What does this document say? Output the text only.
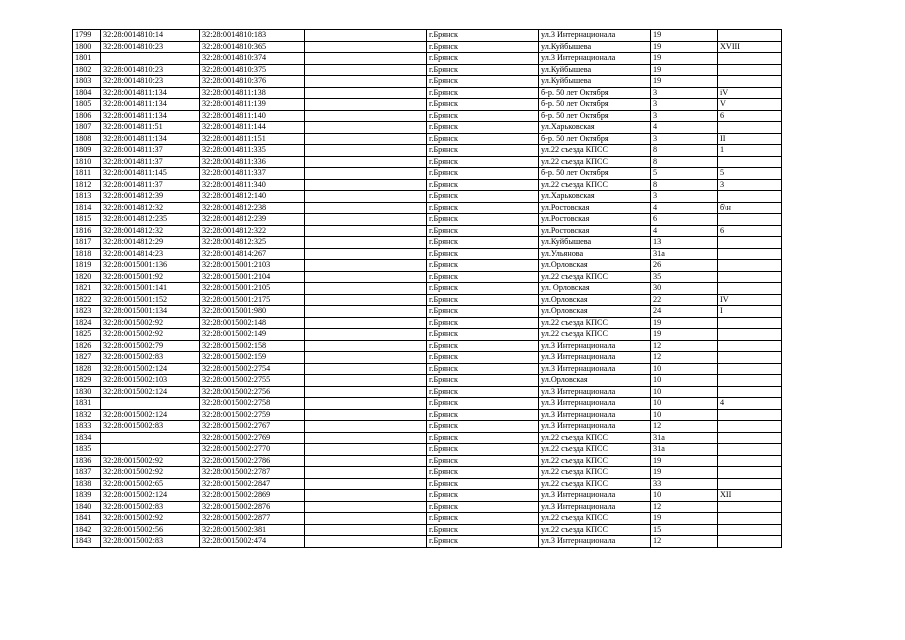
1799	32:28:0014810:14	32:28:0014810:183		г.Брянск	ул.3 Интернационала	19	
1800	32:28:0014810:23	32:28:0014810:365		г.Брянск	ул.Куйбышева	19	XVIII
1801		32:28:0014810:374		г.Брянск	ул.3 Интернационала	19	
1802	32:28:0014810:23	32:28:0014810:375		г.Брянск	ул.Куйбышева	19	
1803	32:28:0014810:23	32:28:0014810:376		г.Брянск	ул.Куйбышева	19	
1804	32:28:0014811:134	32:28:0014811:138		г.Брянск	б-р. 50 лет Октября	3	iV
1805	32:28:0014811:134	32:28:0014811:139		г.Брянск	б-р. 50 лет Октября	3	V
1806	32:28:0014811:134	32:28:0014811:140		г.Брянск	б-р. 50 лет Октября	3	6
1807	32:28:0014811:51	32:28:0014811:144		г.Брянск	ул.Харьковская	4	
1808	32:28:0014811:134	32:28:0014811:151		г.Брянск	б-р. 50 лет Октября	3	II
1809	32:28:0014811:37	32:28:0014811:335		г.Брянск	ул.22 съезда КПСС	8	1
1810	32:28:0014811:37	32:28:0014811:336		г.Брянск	ул.22 съезда КПСС	8	
1811	32:28:0014811:145	32:28:0014811:337		г.Брянск	б-р. 50 лет Октября	5	5
1812	32:28:0014811:37	32:28:0014811:340		г.Брянск	ул.22 съезда КПСС	8	3
1813	32:28:0014812:39	32:28:0014812:140		г.Брянск	ул.Харьковская	3	
1814	32:28:0014812:32	32:28:0014812:238		г.Брянск	ул.Ростовская	4	б\н
1815	32:28:0014812:235	32:28:0014812:239		г.Брянск	ул.Ростовская	6	
1816	32:28:0014812:32	32:28:0014812:322		г.Брянск	ул.Ростовская	4	6
1817	32:28:0014812:29	32:28:0014812:325		г.Брянск	ул.Куйбышева	13	
1818	32:28:0014814:23	32:28:0014814:267		г.Брянск	ул.Ульянова	31а	
1819	32:28:0015001:136	32:28:0015001:2103		г.Брянск	ул.Орловская	26	
1820	32:28:0015001:92	32:28:0015001:2104		г.Брянск	ул.22 съезда КПСС	35	
1821	32:28:0015001:141	32:28:0015001:2105		г.Брянск	ул. Орловская	30	
1822	32:28:0015001:152	32:28:0015001:2175		г.Брянск	ул.Орловская	22	IV
1823	32:28:0015001:134	32:28:0015001:980		г.Брянск	ул.Орловская	24	I
1824	32:28:0015002:92	32:28:0015002:148		г.Брянск	ул.22 съезда КПСС	19	
1825	32:28:0015002:92	32:28:0015002:149		г.Брянск	ул.22 съезда КПСС	19	
1826	32:28:0015002:79	32:28:0015002:158		г.Брянск	ул.3 Интернационала	12	
1827	32:28:0015002:83	32:28:0015002:159		г.Брянск	ул.3 Интернационала	12	
1828	32:28:0015002:124	32:28:0015002:2754		г.Брянск	ул.3 Интернационала	10	
1829	32:28:0015002:103	32:28:0015002:2755		г.Брянск	ул.Орловская	10	
1830	32:28:0015002:124	32:28:0015002:2756		г.Брянск	ул.3 Интернационала	10	
1831		32:28:0015002:2758		г.Брянск	ул.3 Интернационала	10	4
1832	32:28:0015002:124	32:28:0015002:2759		г.Брянск	ул.3 Интернационала	10	
1833	32:28:0015002:83	32:28:0015002:2767		г.Брянск	ул.3 Интернационала	12	
1834		32:28:0015002:2769		г.Брянск	ул.22 съезда КПСС	31а	
1835		32:28:0015002:2770		г.Брянск	ул.22 съезда КПСС	31а	
1836	32:28:0015002:92	32:28:0015002:2786		г.Брянск	ул.22 съезда КПСС	19	
1837	32:28:0015002:92	32:28:0015002:2787		г.Брянск	ул.22 съезда КПСС	19	
1838	32:28:0015002:65	32:28:0015002:2847		г.Брянск	ул.22 съезда КПСС	33	
1839	32:28:0015002:124	32:28:0015002:2869		г.Брянск	ул.3 Интернационала	10	XII
1840	32:28:0015002:83	32:28:0015002:2876		г.Брянск	ул.3 Интернационала	12	
1841	32:28:0015002:92	32:28:0015002:2877		г.Брянск	ул.22 съезда КПСС	19	
1842	32:28:0015002:56	32:28:0015002:381		г.Брянск	ул.22 съезда КПСС	15	
1843	32:28:0015002:83	32:28:0015002:474		г.Брянск	ул.3 Интернационала	12	
